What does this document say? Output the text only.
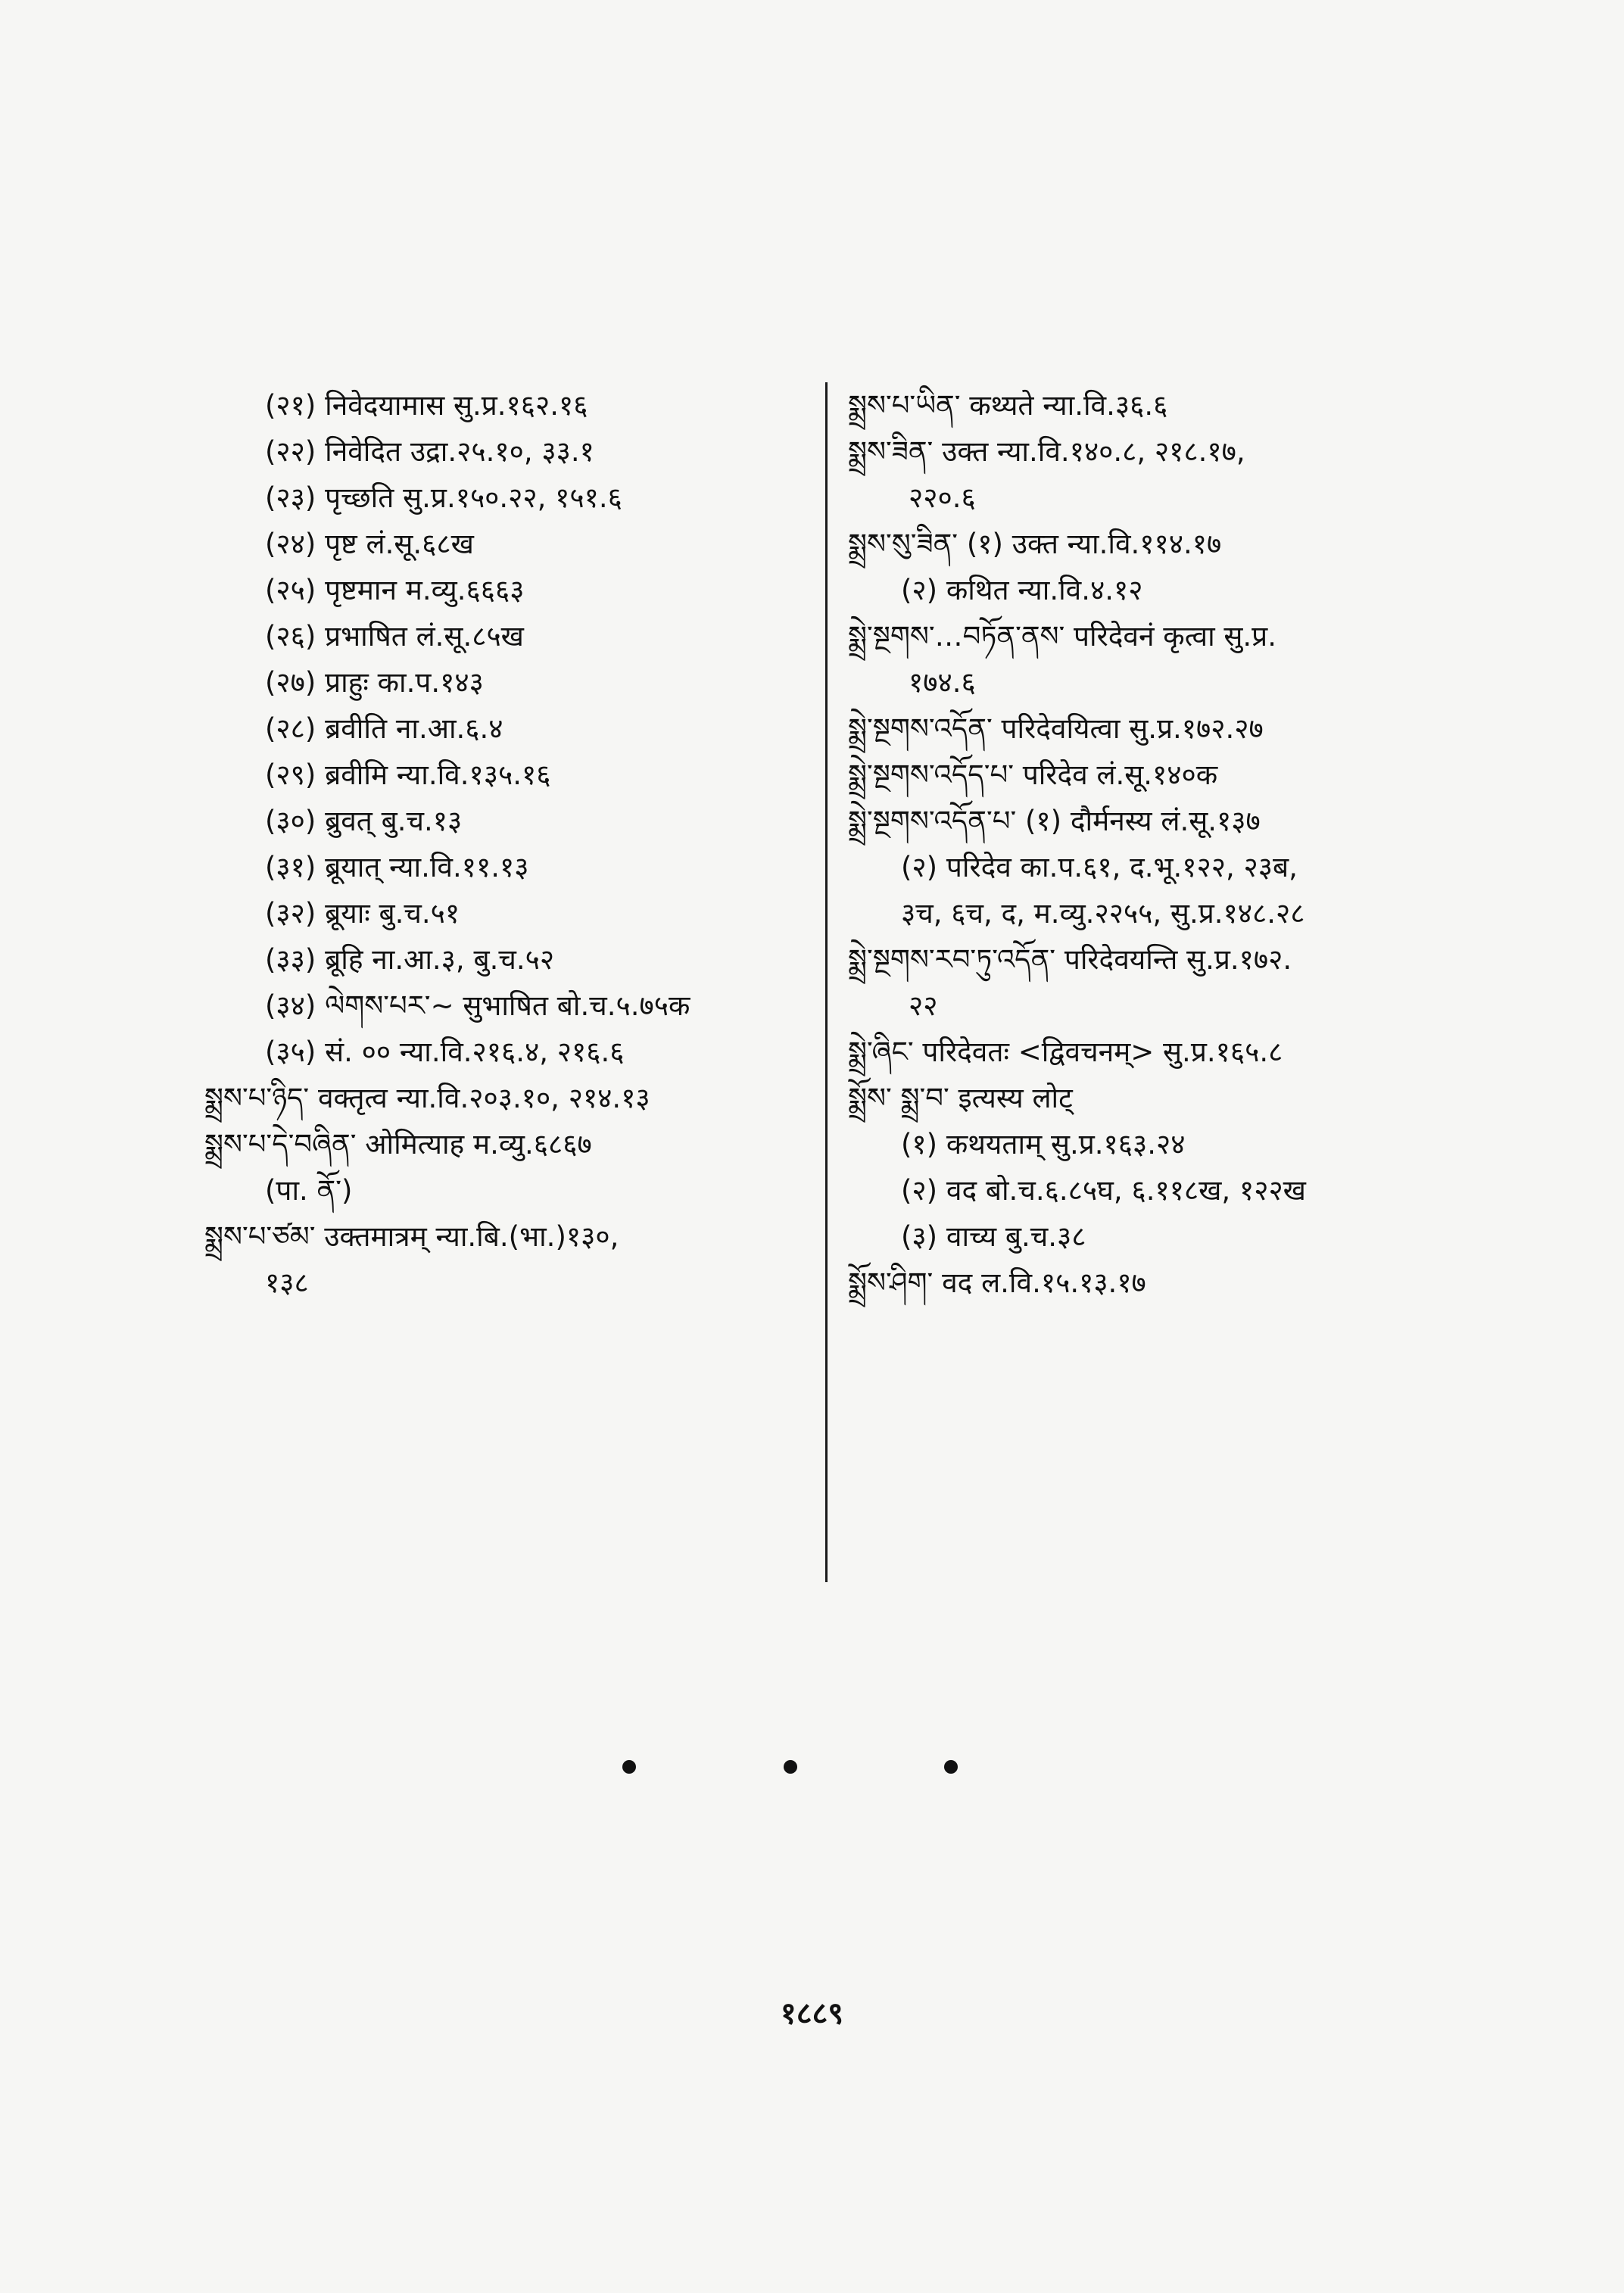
(२१) निवेदयामास सु.प्र.१६२.१६

(२२) निवेदित उद्रा.२५.१०, ३३.१

(२३) पृच्छति सु.प्र.१५०.२२, १५१.६

(२४) पृष्ट लं.सू.६८ख

(२५) पृष्टमान म.व्यु.६६६३

(२६) प्रभाषित लं.सू.८५ख

(२७) प्राहुः का.प.१४३

(२८) ब्रवीति ना.आ.६.४

(२९) ब्रवीमि न्या.वि.१३५.१६

(३०) ब्रुवत् बु.च.१३

(३१) ब्रूयात् न्या.वि.११.१३

(३२) ब्रूयाः बु.च.५१

(३३) ब्रूहि ना.आ.३, बु.च.५२

(३४) ལེགས་པར་~ सुभाषित बो.च.५.७५क

(३५) सं. ०० न्या.वि.२१६.४, २१६.६

སྨྲས་པ་ཉིད་ वक्तृत्व न्या.वि.२०३.१०, २१४.१३

སྨྲས་པ་དེ་བཞིན་ ओमित्याह म.व्यु.६८६७

(पा. ནོ་)

སྨྲས་པ་ཙམ་ उक्तमात्रम् न्या.बि.(भा.)१३०,

१३८

སྨྲས་པ་ཡིན་ कथ्यते न्या.वि.३६.६

སྨྲས་ཟིན་ उक्त न्या.वि.१४०.८, २१८.१७,

२२०.६

སྨྲས་སུ་ཟིན་ (१) उक्त न्या.वि.११४.१७

(२) कथित न्या.वि.४.१२

སྨྲེ་སྔགས་…བཏོན་ནས་ परिदेवनं कृत्वा सु.प्र.

१७४.६

སྨྲེ་སྔགས་འདོན་ परिदेवयित्वा सु.प्र.१७२.२७

སྨྲེ་སྔགས་འདོད་པ་ परिदेव लं.सू.१४०क

སྨྲེ་སྔགས་འདོན་པ་ (१) दौर्मनस्य लं.सू.१३७

(२) परिदेव का.प.६१, द.भू.१२२, २३ब,

३च, ६च, द, म.व्यु.२२५५, सु.प्र.१४८.२८

སྨྲེ་སྔགས་རབ་ཏུ་འདོན་ परिदेवयन्ति सु.प्र.१७२.

२२

སྨྲེ་ཞིང་ परिदेवतः <द्विवचनम्> सु.प्र.१६५.८

སྨྲོས་ སྨྲ་བ་ इत्यस्य लोट्

(१) कथयताम् सु.प्र.१६३.२४

(२) वद बो.च.६.८५घ, ६.११८ख, १२२ख

(३) वाच्य बु.च.३८

སྨྲོས་ཤིག་ वद ल.वि.१५.१३.१७

१८८९
